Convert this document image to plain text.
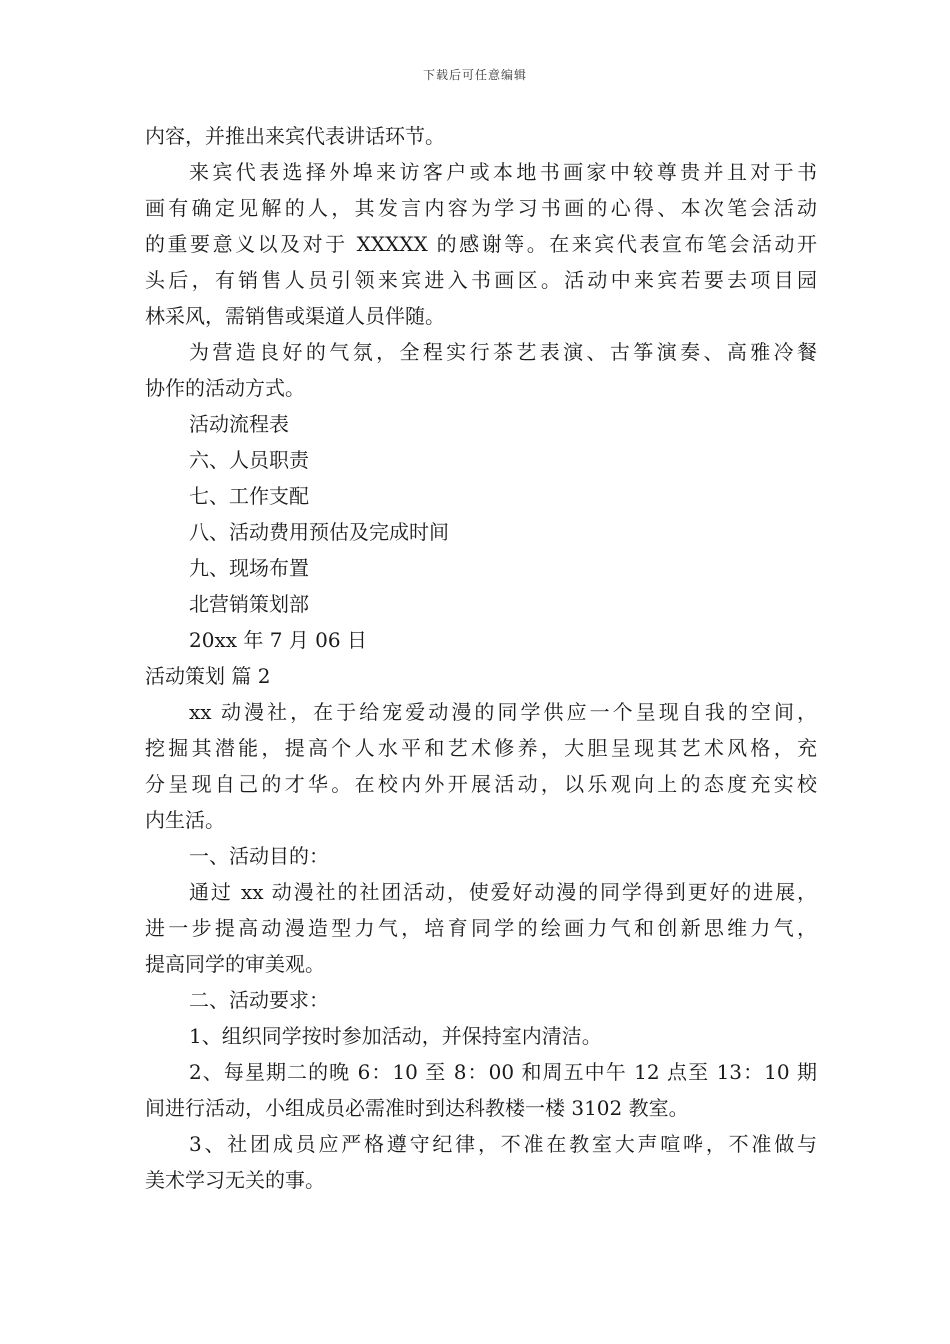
下载后可任意编辑
内容，并推出来宾代表讲话环节。
来宾代表选择外埠来访客户或本地书画家中较尊贵并且对于书
画有确定见解的人，其发言内容为学习书画的心得、本次笔会活动
的重要意义以及对于 XXXXX 的感谢等。在来宾代表宣布笔会活动开
头后，有销售人员引领来宾进入书画区。活动中来宾若要去项目园
林采风，需销售或渠道人员伴随。
为营造良好的气氛，全程实行茶艺表演、古筝演奏、高雅冷餐
协作的活动方式。
活动流程表
六、人员职责
七、工作支配
八、活动费用预估及完成时间
九、现场布置
北营销策划部
20xx 年 7 月 06 日
活动策划 篇 2
xx 动漫社，在于给宠爱动漫的同学供应一个呈现自我的空间，
挖掘其潜能，提高个人水平和艺术修养，大胆呈现其艺术风格，充
分呈现自己的才华。在校内外开展活动，以乐观向上的态度充实校
内生活。
一、活动目的：
通过 xx 动漫社的社团活动，使爱好动漫的同学得到更好的进展，
进一步提高动漫造型力气，培育同学的绘画力气和创新思维力气，
提高同学的审美观。
二、活动要求：
1、组织同学按时参加活动，并保持室内清洁。
2、每星期二的晚 6：10 至 8：00 和周五中午 12 点至 13：10 期
间进行活动，小组成员必需准时到达科教楼一楼 3102 教室。
3、社团成员应严格遵守纪律，不准在教室大声喧哗，不准做与
美术学习无关的事。
